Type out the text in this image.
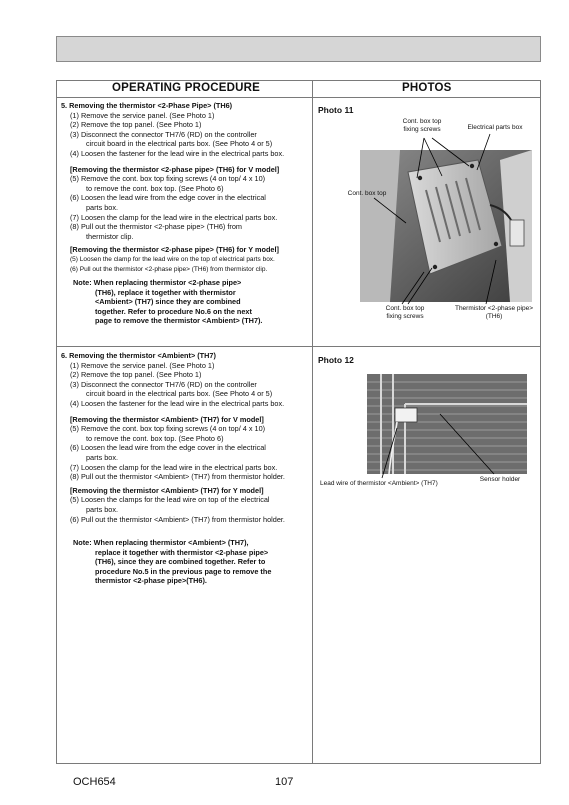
OPERATING PROCEDURE	PHOTOS

5. Removing the thermistor <2-Phase Pipe> (TH6)

(1) Remove the service panel. (See Photo 1)

(2) Remove the top panel. (See Photo 1)

(3) Disconnect the connector TH7/6 (RD) on the controller

circuit board in the electrical parts box. (See Photo 4 or 5)

(4) Loosen the fastener for the lead wire in the electrical parts box.

[Removing the thermistor <2-phase pipe> (TH6) for V model]

(5) Remove the cont. box top fixing screws (4 on top/ 4 x 10)

to remove the cont. box top. (See Photo 6)

(6) Loosen the lead wire from the edge cover in the electrical

parts box.

(7) Loosen the clamp for the lead wire in the electrical parts box.

(8) Pull out the thermistor <2-phase pipe> (TH6) from

thermistor clip.

[Removing the thermistor <2-phase pipe> (TH6) for Y model]

(5) Loosen the clamp for the lead wire on the top of electrical parts box.

(6) Pull out the thermistor <2-phase pipe> (TH6) from thermistor clip.

Note: When replacing thermistor <2-phase pipe>

(TH6), replace it together with thermistor

<Ambient> (TH7) since they are combined

together. Refer to procedure No.6 on the next

page to remove the thermistor <Ambient> (TH7).

6. Removing the thermistor <Ambient> (TH7)

(1) Remove the service panel. (See Photo 1)

(2) Remove the top panel. (See Photo 1)

(3) Disconnect the connector TH7/6 (RD) on the controller

circuit board in the electrical parts box. (See Photo 4 or 5)

(4) Loosen the fastener for the lead wire in the electrical parts box.

[Removing the thermistor <Ambient> (TH7) for V model]

(5) Remove the cont. box top fixing screws (4 on top/ 4 x 10)

to remove the cont. box top. (See Photo 6)

(6) Loosen the lead wire from the edge cover in the electrical

parts box.

(7) Loosen the clamp for the lead wire in the electrical parts box.

(8) Pull out the thermistor <Ambient> (TH7) from thermistor holder.

[Removing the thermistor <Ambient> (TH7) for Y model]

(5) Loosen the clamps for the lead wire on top of the electrical

parts box.

(6) Pull out the thermistor <Ambient> (TH7) from thermistor holder.

Note: When replacing thermistor <Ambient> (TH7),

replace it together with thermistor <2-phase pipe>

(TH6), since they are combined together. Refer to

procedure No.5 in the previous page to remove the

thermistor <2-phase pipe>(TH6).

Photo 11
Cont. box top fixing screws	Electrical parts box
Cont. box top
Cont. box top fixing screws
Thermistor <2-phase pipe> (TH6)
Photo 12
Lead wire of thermistor <Ambient> (TH7)
Sensor holder
OCH654	107
